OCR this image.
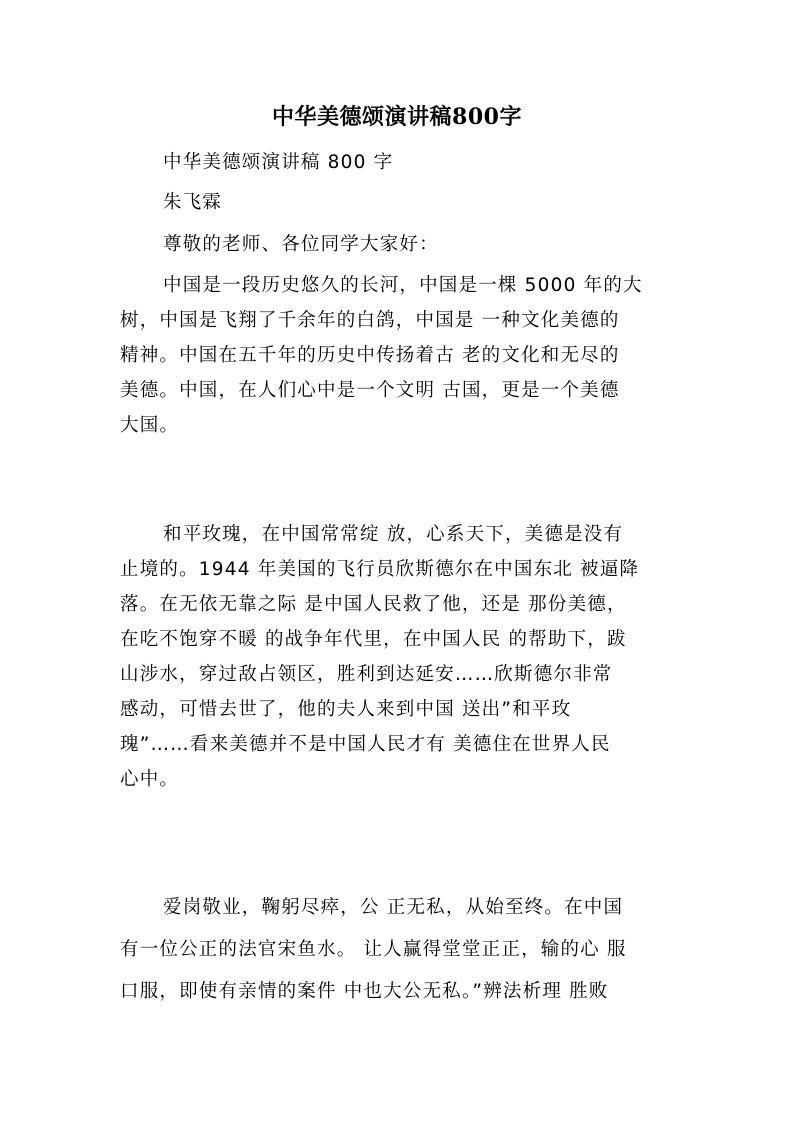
中华美德颂演讲稿800字
中华美德颂演讲稿 800 字
朱飞霖
尊敬的老师、各位同学大家好：
中国是一段历史悠久的长河，中国是一棵 5000 年的大
树，中国是飞翔了千余年的白鸽，中国是 一种文化美德的
精神。中国在五千年的历史中传扬着古 老的文化和无尽的
美德。中国，在人们心中是一个文明 古国，更是一个美德
大国。
和平玫瑰，在中国常常绽 放，心系天下，美德是没有
止境的。1944 年美国的飞行员欣斯德尔在中国东北 被逼降
落。在无依无靠之际 是中国人民救了他，还是 那份美德，
在吃不饱穿不暖 的战争年代里，在中国人民 的帮助下，跋
山涉水，穿过敌占领区，胜利到达延安……欣斯德尔非常
感动，可惜去世了，他的夫人来到中国 送出”和平玫
瑰”……看来美德并不是中国人民才有 美德住在世界人民
心中。
爱岗敬业，鞠躬尽瘁，公 正无私，从始至终。在中国
有一位公正的法官宋鱼水。 让人赢得堂堂正正，输的心 服
口服，即使有亲情的案件 中也大公无私。”辨法析理 胜败
